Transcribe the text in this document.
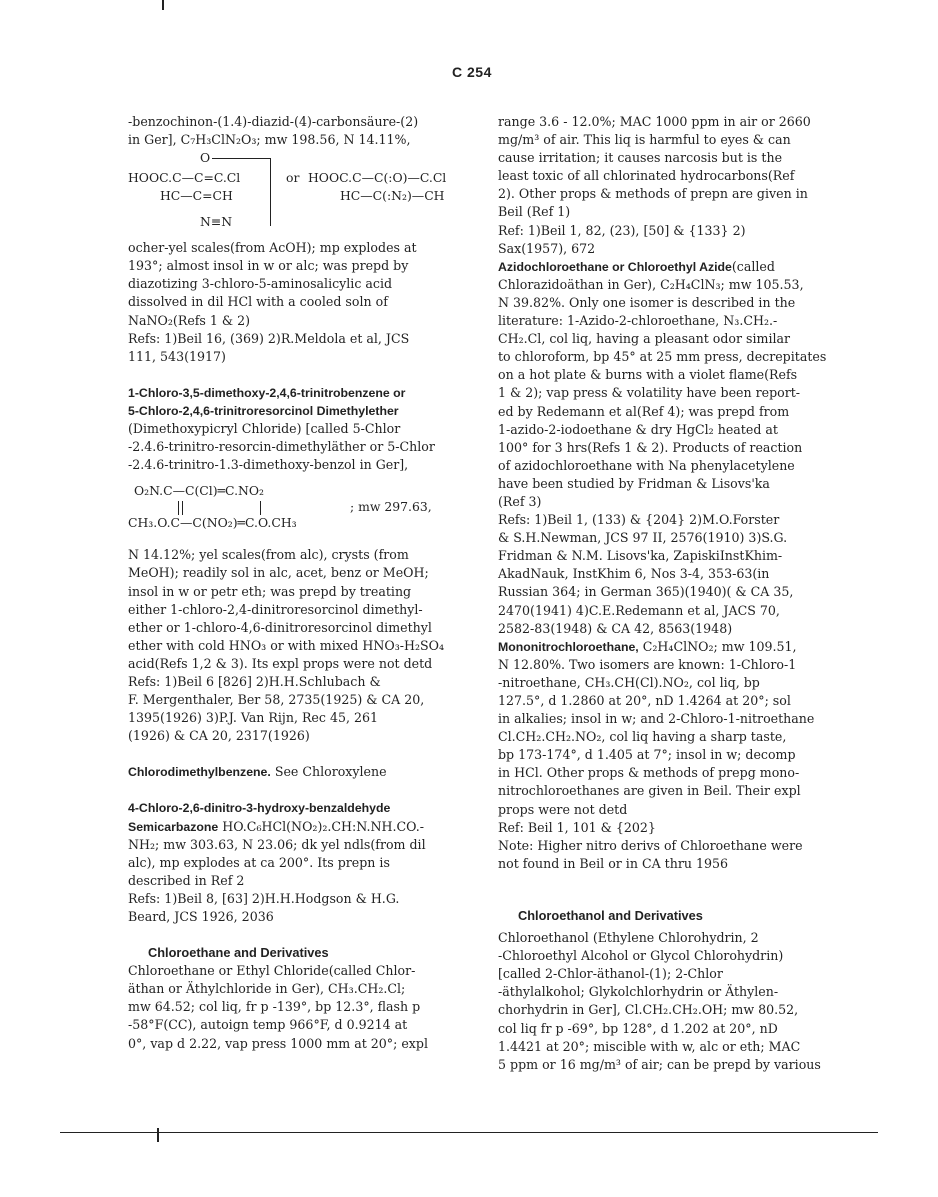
C 254

-benzochinon-(1.4)-diazid-(4)-carbonsäure-(2)

in Ger], C₇H₃ClN₂O₃; mw 198.56, N 14.11%,

O
HOOC.C—C=C.Cl
HC—C=CH
N≡N
or HOOC.C—C(:O)—C.Cl
HC—C(:N₂)—CH

ocher-yel scales(from AcOH); mp explodes at

193°; almost insol in w or alc; was prepd by

diazotizing 3-chloro-5-aminosalicylic acid

dissolved in dil HCl with a cooled soln of

NaNO₂(Refs 1 & 2)

Refs: 1)Beil 16, (369) 2)R.Meldola et al, JCS

111, 543(1917)

1-Chloro-3,5-dimethoxy-2,4,6-trinitrobenzene or

5-Chloro-2,4,6-trinitroresorcinol Dimethylether

(Dimethoxypicryl Chloride) [called 5-Chlor

-2.4.6-trinitro-resorcin-dimethyläther or 5-Chlor

-2.4.6-trinitro-1.3-dimethoxy-benzol in Ger],

O₂N.C—C(Cl)═C.NO₂
CH₃.O.C—C(NO₂)═C.O.CH₃
; mw 297.63,

N 14.12%; yel scales(from alc), crysts (from

MeOH); readily sol in alc, acet, benz or MeOH;

insol in w or petr eth; was prepd by treating

either 1-chloro-2,4-dinitroresorcinol dimethyl-

ether or 1-chloro-4,6-dinitroresorcinol dimethyl

ether with cold HNO₃ or with mixed HNO₃-H₂SO₄

acid(Refs 1,2 & 3). Its expl props were not detd

Refs: 1)Beil 6 [826] 2)H.H.Schlubach &

F. Mergenthaler, Ber 58, 2735(1925) & CA 20,

1395(1926) 3)P.J. Van Rijn, Rec 45, 261

(1926) & CA 20, 2317(1926)

Chlorodimethylbenzene. See Chloroxylene

4-Chloro-2,6-dinitro-3-hydroxy-benzaldehyde

Semicarbazone HO.C₆HCl(NO₂)₂.CH:N.NH.CO.-

NH₂; mw 303.63, N 23.06; dk yel ndls(from dil

alc), mp explodes at ca 200°. Its prepn is

described in Ref 2

Refs: 1)Beil 8, [63] 2)H.H.Hodgson & H.G.

Beard, JCS 1926, 2036

Chloroethane and Derivatives

Chloroethane or Ethyl Chloride(called Chlor-

äthan or Äthylchloride in Ger), CH₃.CH₂.Cl;

mw 64.52; col liq, fr p -139°, bp 12.3°, flash p

-58°F(CC), autoign temp 966°F, d 0.9214 at

0°, vap d 2.22, vap press 1000 mm at 20°; expl

range 3.6 - 12.0%; MAC 1000 ppm in air or 2660

mg/m³ of air. This liq is harmful to eyes & can

cause irritation; it causes narcosis but is the

least toxic of all chlorinated hydrocarbons(Ref

2). Other props & methods of prepn are given in

Beil (Ref 1)

Ref: 1)Beil 1, 82, (23), [50] & {133} 2)

Sax(1957), 672

Azidochloroethane or Chloroethyl Azide(called

Chlorazidoäthan in Ger), C₂H₄ClN₃; mw 105.53,

N 39.82%. Only one isomer is described in the

literature: 1-Azido-2-chloroethane, N₃.CH₂.-

CH₂.Cl, col liq, having a pleasant odor similar

to chloroform, bp 45° at 25 mm press, decrepitates

on a hot plate & burns with a violet flame(Refs

1 & 2); vap press & volatility have been report-

ed by Redemann et al(Ref 4); was prepd from

1-azido-2-iodoethane & dry HgCl₂ heated at

100° for 3 hrs(Refs 1 & 2). Products of reaction

of azidochloroethane with Na phenylacetylene

have been studied by Fridman & Lisovs'ka

(Ref 3)

Refs: 1)Beil 1, (133) & {204} 2)M.O.Forster

& S.H.Newman, JCS 97 II, 2576(1910) 3)S.G.

Fridman & N.M. Lisovs'ka, ZapiskiInstKhim-

AkadNauk, InstKhim 6, Nos 3-4, 353-63(in

Russian 364; in German 365)(1940)( & CA 35,

2470(1941) 4)C.E.Redemann et al, JACS 70,

2582-83(1948) & CA 42, 8563(1948)

Mononitrochloroethane, C₂H₄ClNO₂; mw 109.51,

N 12.80%. Two isomers are known: 1-Chloro-1

-nitroethane, CH₃.CH(Cl).NO₂, col liq, bp

127.5°, d 1.2860 at 20°, nD 1.4264 at 20°; sol

in alkalies; insol in w; and 2-Chloro-1-nitroethane

Cl.CH₂.CH₂.NO₂, col liq having a sharp taste,

bp 173-174°, d 1.405 at 7°; insol in w; decomp

in HCl. Other props & methods of prepg mono-

nitrochloroethanes are given in Beil. Their expl

props were not detd

Ref: Beil 1, 101 & {202}

Note: Higher nitro derivs of Chloroethane were

not found in Beil or in CA thru 1956

Chloroethanol and Derivatives

Chloroethanol (Ethylene Chlorohydrin, 2

-Chloroethyl Alcohol or Glycol Chlorohydrin)

[called 2-Chlor-äthanol-(1); 2-Chlor

-äthylalkohol; Glykolchlorhydrin or Äthylen-

chorhydrin in Ger], Cl.CH₂.CH₂.OH; mw 80.52,

col liq fr p -69°, bp 128°, d 1.202 at 20°, nD

1.4421 at 20°; miscible with w, alc or eth; MAC

5 ppm or 16 mg/m³ of air; can be prepd by various
